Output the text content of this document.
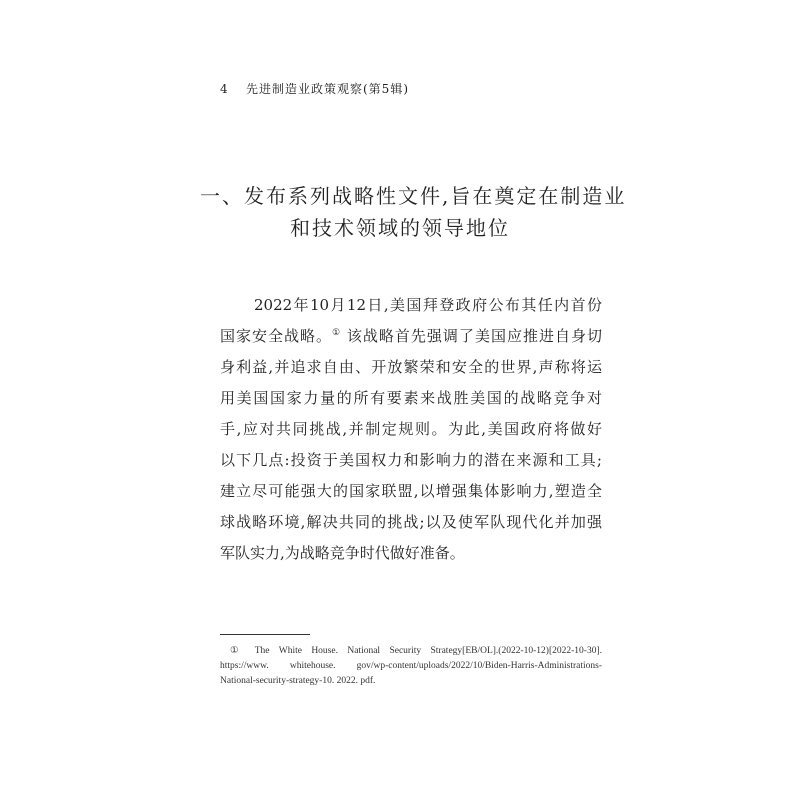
4 先进制造业政策观察(第5辑)
一、发布系列战略性文件,旨在奠定在制造业
和技术领域的领导地位
2022年10月12日,美国拜登政府公布其任内首份
国家安全战略。① 该战略首先强调了美国应推进自身切
身利益,并追求自由、开放繁荣和安全的世界,声称将运
用美国国家力量的所有要素来战胜美国的战略竞争对
手,应对共同挑战,并制定规则。为此,美国政府将做好
以下几点:投资于美国权力和影响力的潜在来源和工具;
建立尽可能强大的国家联盟,以增强集体影响力,塑造全
球战略环境,解决共同的挑战;以及使军队现代化并加强
军队实力,为战略竞争时代做好准备。
① The White House. National Security Strategy[EB/OL].(2022-10-12)[2022-10-30].
https://www. whitehouse. gov/wp-content/uploads/2022/10/Biden-Harris-Administrations-
National-security-strategy-10. 2022. pdf.
